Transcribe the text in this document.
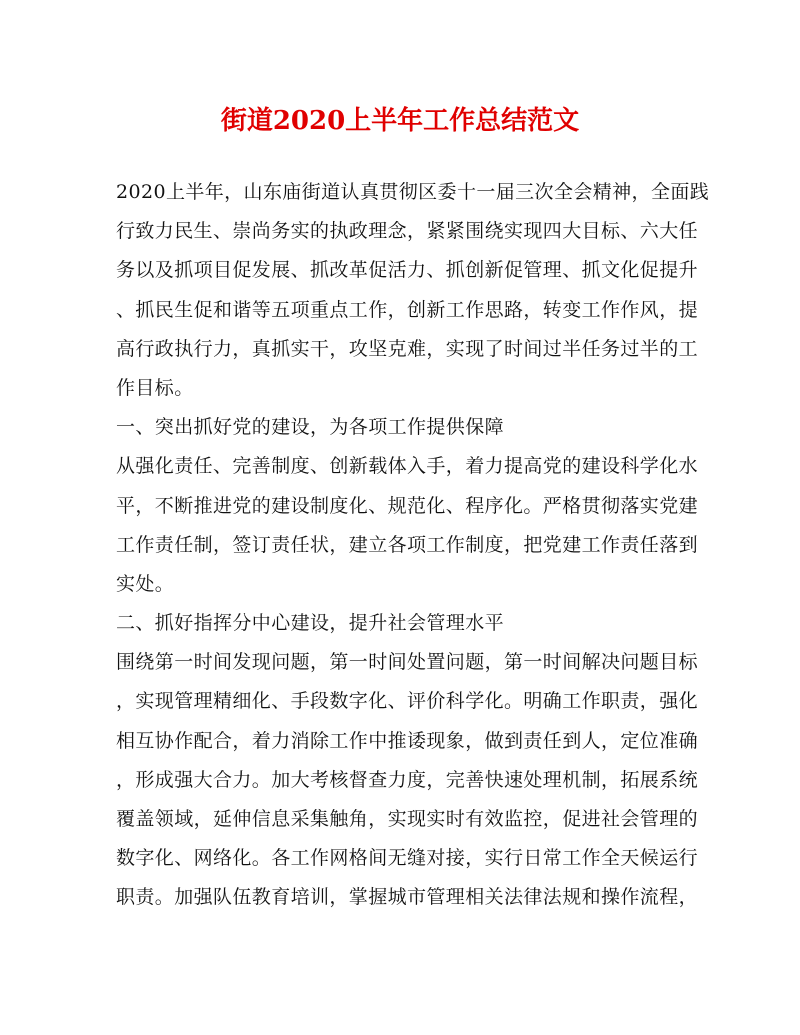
街道2020上半年工作总结范文
2020上半年，山东庙街道认真贯彻区委十一届三次全会精神，全面践
行致力民生、崇尚务实的执政理念，紧紧围绕实现四大目标、六大任
务以及抓项目促发展、抓改革促活力、抓创新促管理、抓文化促提升
、抓民生促和谐等五项重点工作，创新工作思路，转变工作作风，提
高行政执行力，真抓实干，攻坚克难，实现了时间过半任务过半的工
作目标。
一、突出抓好党的建设，为各项工作提供保障
从强化责任、完善制度、创新载体入手，着力提高党的建设科学化水
平，不断推进党的建设制度化、规范化、程序化。严格贯彻落实党建
工作责任制，签订责任状，建立各项工作制度，把党建工作责任落到
实处。
二、抓好指挥分中心建设，提升社会管理水平
围绕第一时间发现问题，第一时间处置问题，第一时间解决问题目标
，实现管理精细化、手段数字化、评价科学化。明确工作职责，强化
相互协作配合，着力消除工作中推诿现象，做到责任到人，定位准确
，形成强大合力。加大考核督查力度，完善快速处理机制，拓展系统
覆盖领域，延伸信息采集触角，实现实时有效监控，促进社会管理的
数字化、网络化。各工作网格间无缝对接，实行日常工作全天候运行
职责。加强队伍教育培训，掌握城市管理相关法律法规和操作流程，
